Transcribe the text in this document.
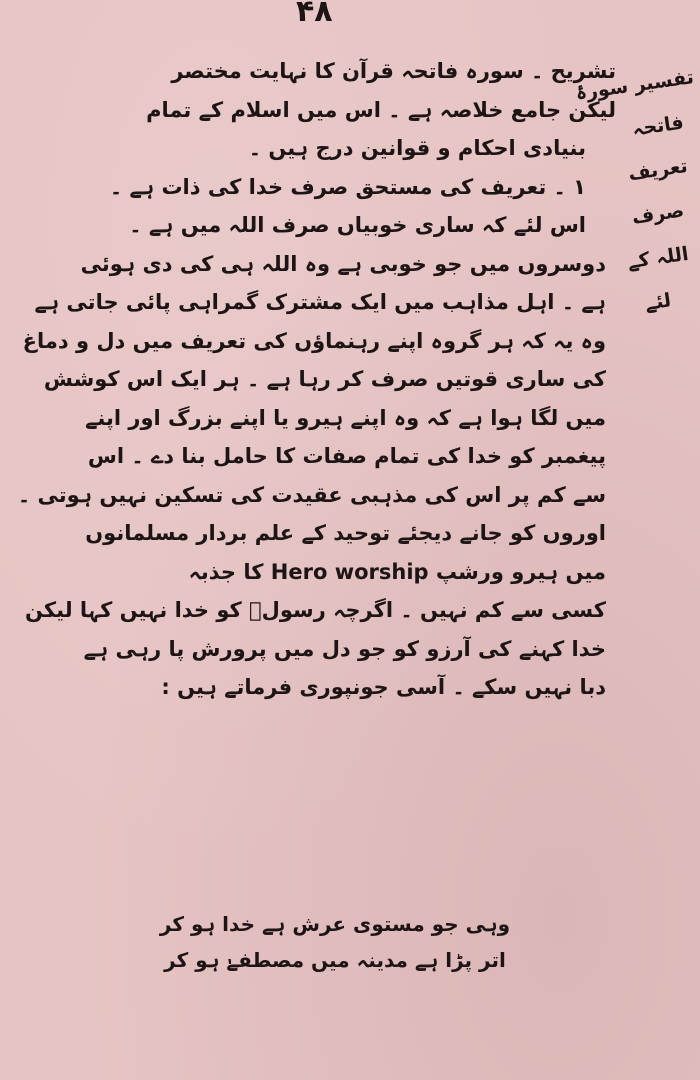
۴۸
تفسیر سورۂ
فاتحہ
تعریف
صرف
اللہ کے
لئے
تشریح ۔ سورہ فاتحہ قرآن کا نہایت مختصر
لیکن جامع خلاصہ ہے ۔ اس میں اسلام کے تمام
بنیادی احکام و قوانین درج ہیں ۔
۱ ۔ تعریف کی مستحق صرف خدا کی ذات ہے ۔
اس لئے کہ ساری خوبیاں صرف اللہ میں ہے ۔
دوسروں میں جو خوبی ہے وہ اللہ ہی کی دی ہوئی
ہے ۔ اہل مذاہب میں ایک مشترک گمراہی پائی جاتی ہے
وہ یہ کہ ہر گروہ اپنے رہنماؤں کی تعریف میں دل و دماغ
کی ساری قوتیں صرف کر رہا ہے ۔ ہر ایک اس کوشش
میں لگا ہوا ہے کہ وہ اپنے ہیرو یا اپنے بزرگ اور اپنے
پیغمبر کو خدا کی تمام صفات کا حامل بنا دے ۔ اس
سے کم پر اس کی مذہبی عقیدت کی تسکین نہیں ہوتی ۔
اوروں کو جانے دیجئے توحید کے علم بردار مسلمانوں
میں ہیرو ورشپ Hero worship کا جذبہ
کسی سے کم نہیں ۔ اگرچہ رسولؐ کو خدا نہیں کہا لیکن
خدا کہنے کی آرزو کو جو دل میں پرورش پا رہی ہے
دبا نہیں سکے ۔ آسی جونپوری فرماتے ہیں :
وہی جو مستوی عرش ہے خدا ہو کر
اتر پڑا ہے مدینہ میں مصطفےٰ ہو کر
